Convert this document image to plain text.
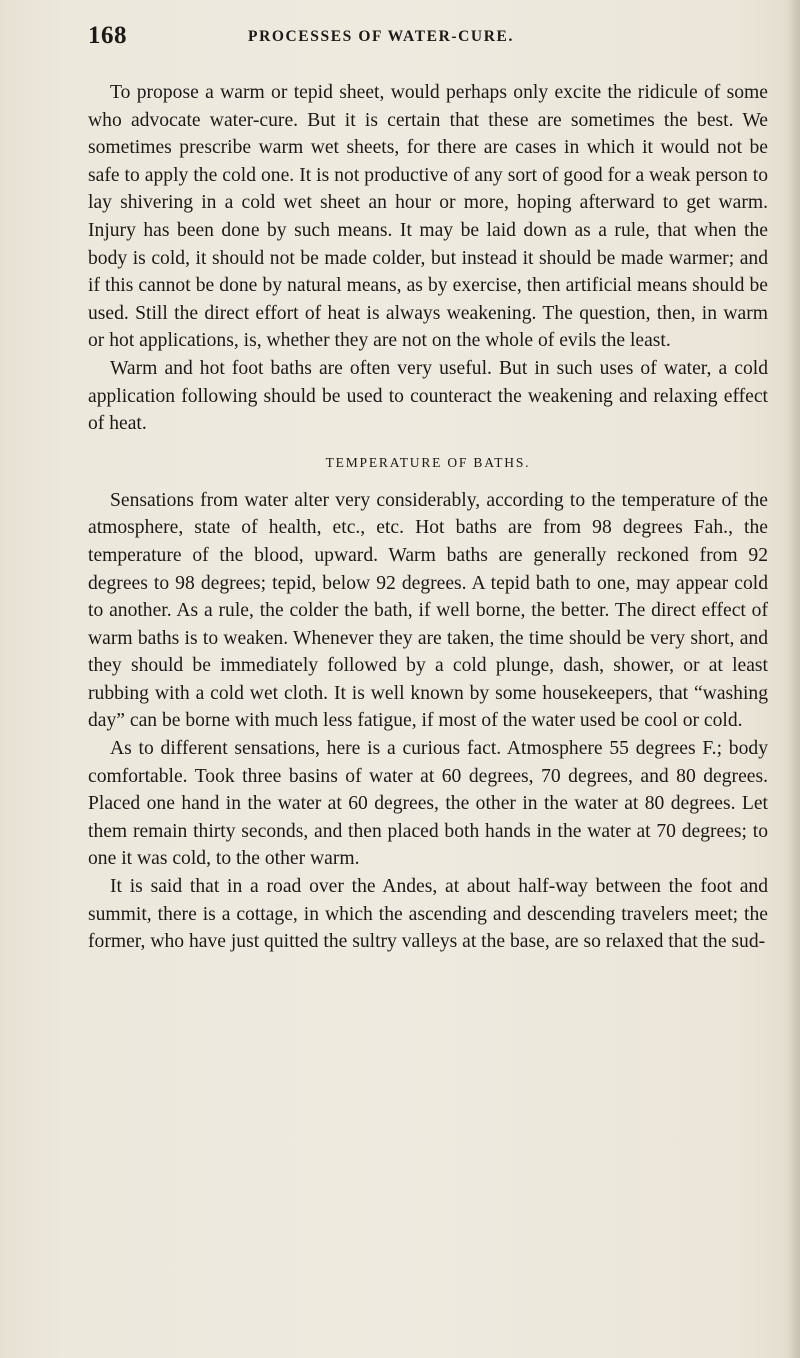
168	PROCESSES OF WATER-CURE.

To propose a warm or tepid sheet, would perhaps only excite the ridicule of some who advocate water-cure. But it is certain that these are sometimes the best. We sometimes prescribe warm wet sheets, for there are cases in which it would not be safe to apply the cold one. It is not productive of any sort of good for a weak person to lay shivering in a cold wet sheet an hour or more, hoping afterward to get warm. Injury has been done by such means. It may be laid down as a rule, that when the body is cold, it should not be made colder, but instead it should be made warmer; and if this cannot be done by natural means, as by exercise, then artificial means should be used. Still the direct effort of heat is always weakening. The question, then, in warm or hot applications, is, whether they are not on the whole of evils the least.

Warm and hot foot baths are often very useful. But in such uses of water, a cold application following should be used to counteract the weakening and relaxing effect of heat.

TEMPERATURE OF BATHS.

Sensations from water alter very considerably, according to the temperature of the atmosphere, state of health, etc., etc. Hot baths are from 98 degrees Fah., the temperature of the blood, upward. Warm baths are generally reckoned from 92 degrees to 98 degrees; tepid, below 92 degrees. A tepid bath to one, may appear cold to another. As a rule, the colder the bath, if well borne, the better. The direct effect of warm baths is to weaken. Whenever they are taken, the time should be very short, and they should be immediately followed by a cold plunge, dash, shower, or at least rubbing with a cold wet cloth. It is well known by some housekeepers, that “washing day” can be borne with much less fatigue, if most of the water used be cool or cold.

As to different sensations, here is a curious fact. Atmosphere 55 degrees F.; body comfortable. Took three basins of water at 60 degrees, 70 degrees, and 80 degrees. Placed one hand in the water at 60 degrees, the other in the water at 80 degrees. Let them remain thirty seconds, and then placed both hands in the water at 70 degrees; to one it was cold, to the other warm.

It is said that in a road over the Andes, at about half-way between the foot and summit, there is a cottage, in which the ascending and descending travelers meet; the former, who have just quitted the sultry valleys at the base, are so relaxed that the sud-
